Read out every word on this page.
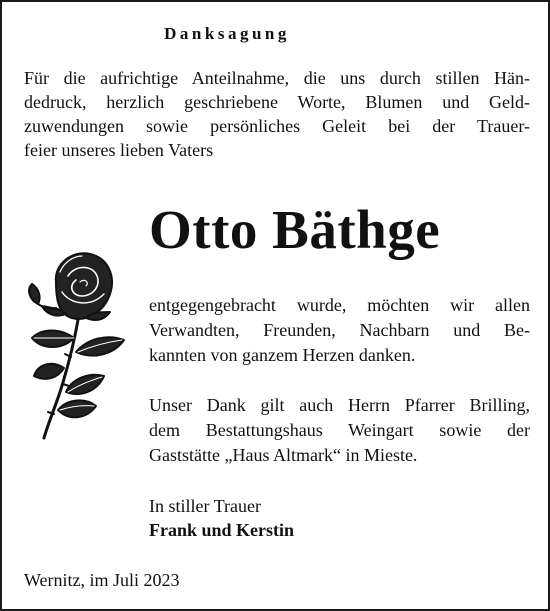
Danksagung
Für die aufrichtige Anteilnahme, die uns durch stillen Hän-
dedruck, herzlich geschriebene Worte, Blumen und Geld-
zuwendungen sowie persönliches Geleit bei der Trauer-
feier unseres lieben Vaters
Otto Bäthge
entgegengebracht wurde, möchten wir allen
Verwandten, Freunden, Nachbarn und Be-
kannten von ganzem Herzen danken.
Unser Dank gilt auch Herrn Pfarrer Brilling,
dem Bestattungshaus Weingart sowie der
Gaststätte „Haus Altmark“ in Mieste.
In stiller Trauer
Frank und Kerstin
Wernitz, im Juli 2023
